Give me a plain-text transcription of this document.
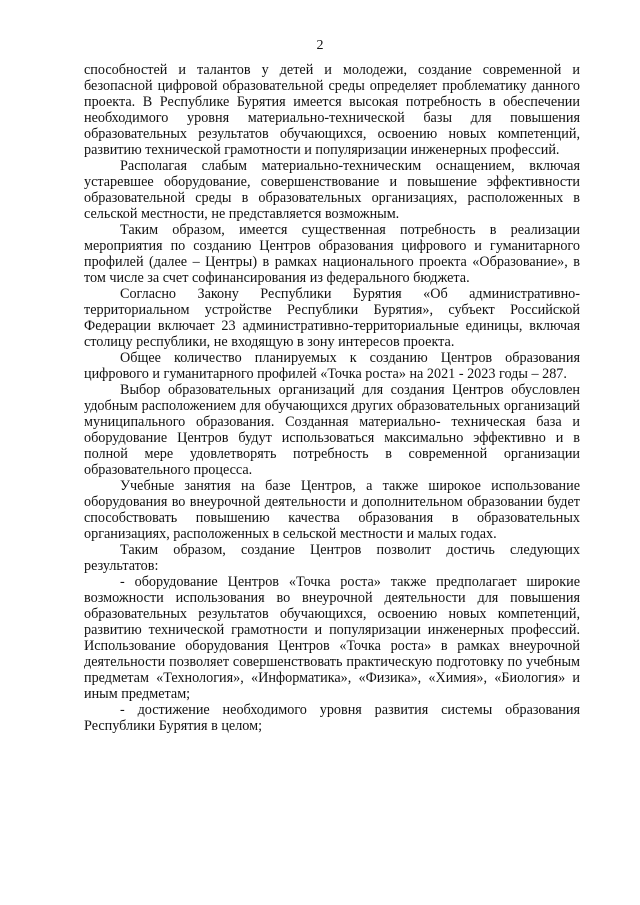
2

способностей и талантов у детей и молодежи, создание современной и безопасной цифровой образовательной среды определяет проблематику данного проекта. В Республике Бурятия имеется высокая потребность в обеспечении необходимого уровня материально-технической базы для повышения образовательных результатов обучающихся, освоению новых компетенций, развитию технической грамотности и популяризации инженерных профессий.

Располагая слабым материально-техническим оснащением, включая устаревшее оборудование, совершенствование и повышение эффективности образовательной среды в образовательных организациях, расположенных в сельской местности, не представляется возможным.

Таким образом, имеется существенная потребность в реализации мероприятия по созданию Центров образования цифрового и гуманитарного профилей (далее – Центры) в рамках национального проекта «Образование», в том числе за счет софинансирования из федерального бюджета.

Согласно Закону Республики Бурятия «Об административно-территориальном устройстве Республики Бурятия», субъект Российской Федерации включает 23 административно-территориальные единицы, включая столицу республики, не входящую в зону интересов проекта.

Общее количество планируемых к созданию Центров образования цифрового и гуманитарного профилей «Точка роста» на 2021 - 2023 годы – 287.

Выбор образовательных организаций для создания Центров обусловлен удобным расположением для обучающихся других образовательных организаций муниципального образования. Созданная материально- техническая база и оборудование Центров будут использоваться максимально эффективно и в полной мере удовлетворять потребность в современной организации образовательного процесса.

Учебные занятия на базе Центров, а также широкое использование оборудования во внеурочной деятельности и дополнительном образовании будет способствовать повышению качества образования в образовательных организациях, расположенных в сельской местности и малых годах.

Таким образом, создание Центров позволит достичь следующих результатов:

- оборудование Центров «Точка роста» также предполагает широкие возможности использования во внеурочной деятельности для повышения образовательных результатов обучающихся, освоению новых компетенций, развитию технической грамотности и популяризации инженерных профессий. Использование оборудования Центров «Точка роста» в рамках внеурочной деятельности позволяет совершенствовать практическую подготовку по учебным предметам «Технология», «Информатика», «Физика», «Химия», «Биология» и иным предметам;

- достижение необходимого уровня развития системы образования Республики Бурятия в целом;
